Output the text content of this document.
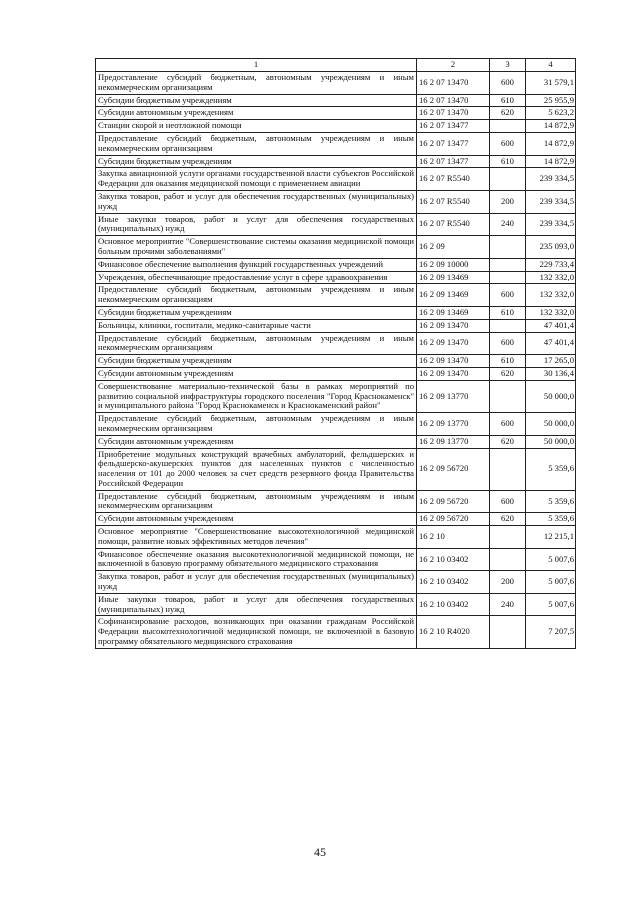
1	2	3	4
Предоставление субсидий бюджетным, автономным учреждениям и иным некоммерческим организациям	16 2 07 13470	600	31 579,1
Субсидии бюджетным учреждениям	16 2 07 13470	610	25 955,9
Субсидии автономным учреждениям	16 2 07 13470	620	5 623,2
Станции скорой и неотложной помощи	16 2 07 13477		14 872,9
Предоставление субсидий бюджетным, автономным учреждениям и иным некоммерческим организациям	16 2 07 13477	600	14 872,9
Субсидии бюджетным учреждениям	16 2 07 13477	610	14 872,9
Закупка авиационной услуги органами государственной власти субъектов Российской Федерации для оказания медицинской помощи с применением авиации	16 2 07 R5540		239 334,5
Закупка товаров, работ и услуг для обеспечения государственных (муниципальных) нужд	16 2 07 R5540	200	239 334,5
Иные закупки товаров, работ и услуг для обеспечения государственных (муниципальных) нужд	16 2 07 R5540	240	239 334,5
Основное мероприятие "Совершенствование системы оказания медицинской помощи больным прочими заболеваниями"	16 2 09		235 093,0
Финансовое обеспечение выполнения функций государственных учреждений	16 2 09 10000		229 733,4
Учреждения, обеспечивающие предоставление услуг в сфере здравоохранения	16 2 09 13469		132 332,0
Предоставление субсидий бюджетным, автономным учреждениям и иным некоммерческим организациям	16 2 09 13469	600	132 332,0
Субсидии бюджетным учреждениям	16 2 09 13469	610	132 332,0
Больницы, клиники, госпитали, медико-санитарные части	16 2 09 13470		47 401,4
Предоставление субсидий бюджетным, автономным учреждениям и иным некоммерческим организациям	16 2 09 13470	600	47 401,4
Субсидии бюджетным учреждениям	16 2 09 13470	610	17 265,0
Субсидии автономным учреждениям	16 2 09 13470	620	30 136,4
Совершенствование материально-технической базы в рамках мероприятий по развитию социальной инфраструктуры городского поселения "Город Краснокаменск" и муниципального района "Город Краснокаменск и Краснокаменский район"	16 2 09 13770		50 000,0
Предоставление субсидий бюджетным, автономным учреждениям и иным некоммерческим организациям	16 2 09 13770	600	50 000,0
Субсидии автономным учреждениям	16 2 09 13770	620	50 000,0
Приобретение модульных конструкций врачебных амбулаторий, фельдшерских и фельдшерско-акушерских пунктов для населенных пунктов с численностью населения от 101 до 2000 человек за счет средств резервного фонда Правительства Российской Федерации	16 2 09 56720		5 359,6
Предоставление субсидий бюджетным, автономным учреждениям и иным некоммерческим организациям	16 2 09 56720	600	5 359,6
Субсидии автономным учреждениям	16 2 09 56720	620	5 359,6
Основное мероприятие "Совершенствование высокотехнологичной медицинской помощи, развитие новых эффективных методов лечения"	16 2 10		12 215,1
Финансовое обеспечение оказания высокотехнологичной медицинской помощи, не включенной в базовую программу обязательного медицинского страхования	16 2 10 03402		5 007,6
Закупка товаров, работ и услуг для обеспечения государственных (муниципальных) нужд	16 2 10 03402	200	5 007,6
Иные закупки товаров, работ и услуг для обеспечения государственных (муниципальных) нужд	16 2 10 03402	240	5 007,6
Софинансирование расходов, возникающих при оказании гражданам Российской Федерации высокотехнологичной медицинской помощи, не включенной в базовую программу обязательного медицинского страхования	16 2 10 R4020		7 207,5
45
